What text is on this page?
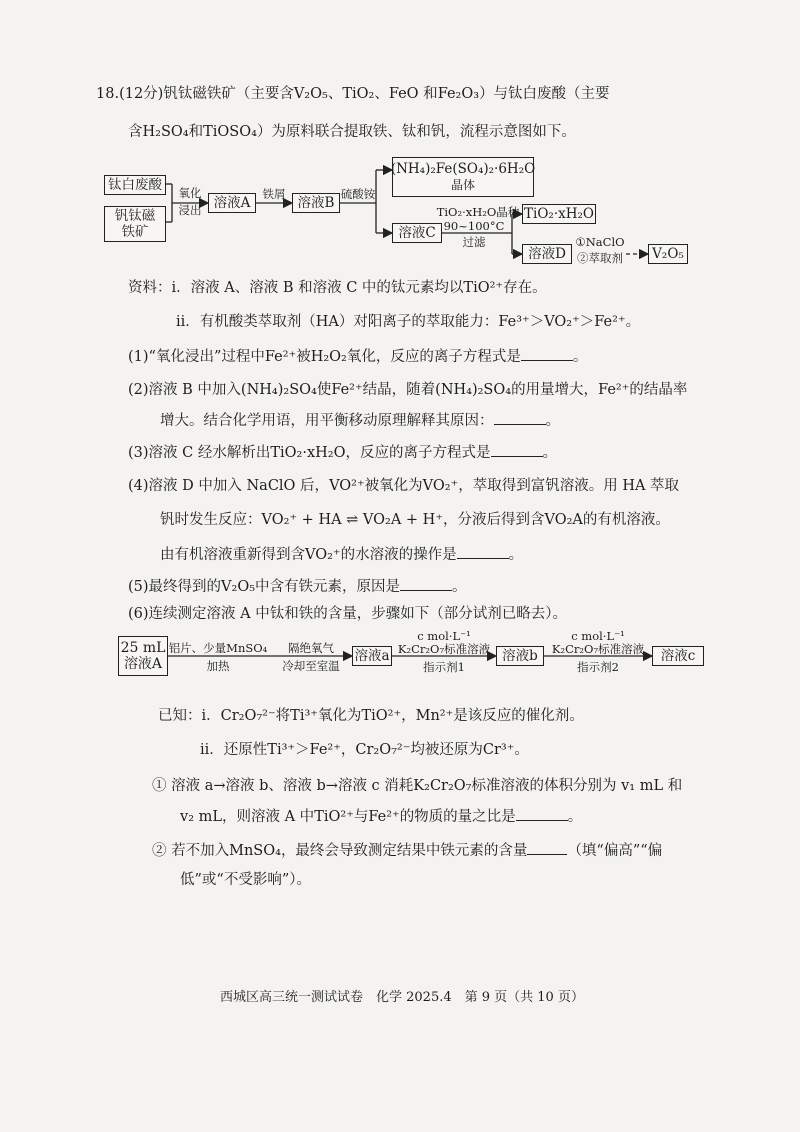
18.(12分)钒钛磁铁矿（主要含V₂O₅、TiO₂、FeO 和Fe₂O₃）与钛白废酸（主要
含H₂SO₄和TiOSO₄）为原料联合提取铁、钛和钒，流程示意图如下。
钛白废酸
钒钛磁
铁矿
氧化
浸出 溶液A
铁屑
溶液B
硫酸铵
(NH₄)₂Fe(SO₄)₂·6H₂O
晶体
溶液C
TiO₂·xH₂O晶种
90~100°C
过滤
TiO₂·xH₂O
溶液D
①NaClO
②萃取剂	V₂O₅
资料：i．溶液 A、溶液 B 和溶液 C 中的钛元素均以TiO²⁺存在。
ii．有机酸类萃取剂（HA）对阳离子的萃取能力：Fe³⁺＞VO₂⁺＞Fe²⁺。
(1)“氧化浸出”过程中Fe²⁺被H₂O₂氧化，反应的离子方程式是	。
(2)溶液 B 中加入(NH₄)₂SO₄使Fe²⁺结晶，随着(NH₄)₂SO₄的用量增大，Fe²⁺的结晶率
增大。结合化学用语，用平衡移动原理解释其原因：	。
(3)溶液 C 经水解析出TiO₂·xH₂O，反应的离子方程式是	。
(4)溶液 D 中加入 NaClO 后，VO²⁺被氧化为VO₂⁺，萃取得到富钒溶液。用 HA 萃取
钒时发生反应：VO₂⁺ + HA ⇌ VO₂A + H⁺，分液后得到含VO₂A的有机溶液。
由有机溶液重新得到含VO₂⁺的水溶液的操作是	。
(5)最终得到的V₂O₅中含有铁元素，原因是	。
(6)连续测定溶液 A 中钛和铁的含量，步骤如下（部分试剂已略去）。
25 mL
溶液A
铝片、少量MnSO₄
加热
隔绝氧气
冷却至室温
溶液a
c mol·L⁻¹
K₂Cr₂O₇标准溶液
指示剂1
溶液b
c mol·L⁻¹
K₂Cr₂O₇标准溶液
指示剂2
溶液c
已知：i．Cr₂O₇²⁻将Ti³⁺氧化为TiO²⁺，Mn²⁺是该反应的催化剂。
ii．还原性Ti³⁺＞Fe²⁺，Cr₂O₇²⁻均被还原为Cr³⁺。
① 溶液 a→溶液 b、溶液 b→溶液 c 消耗K₂Cr₂O₇标准溶液的体积分别为 v₁ mL 和
v₂ mL，则溶液 A 中TiO²⁺与Fe²⁺的物质的量之比是	。
② 若不加入MnSO₄，最终会导致测定结果中铁元素的含量	（填“偏高”“偏
低”或“不受影响”）。
西城区高三统一测试试卷　化学 2025.4　第 9 页（共 10 页）
